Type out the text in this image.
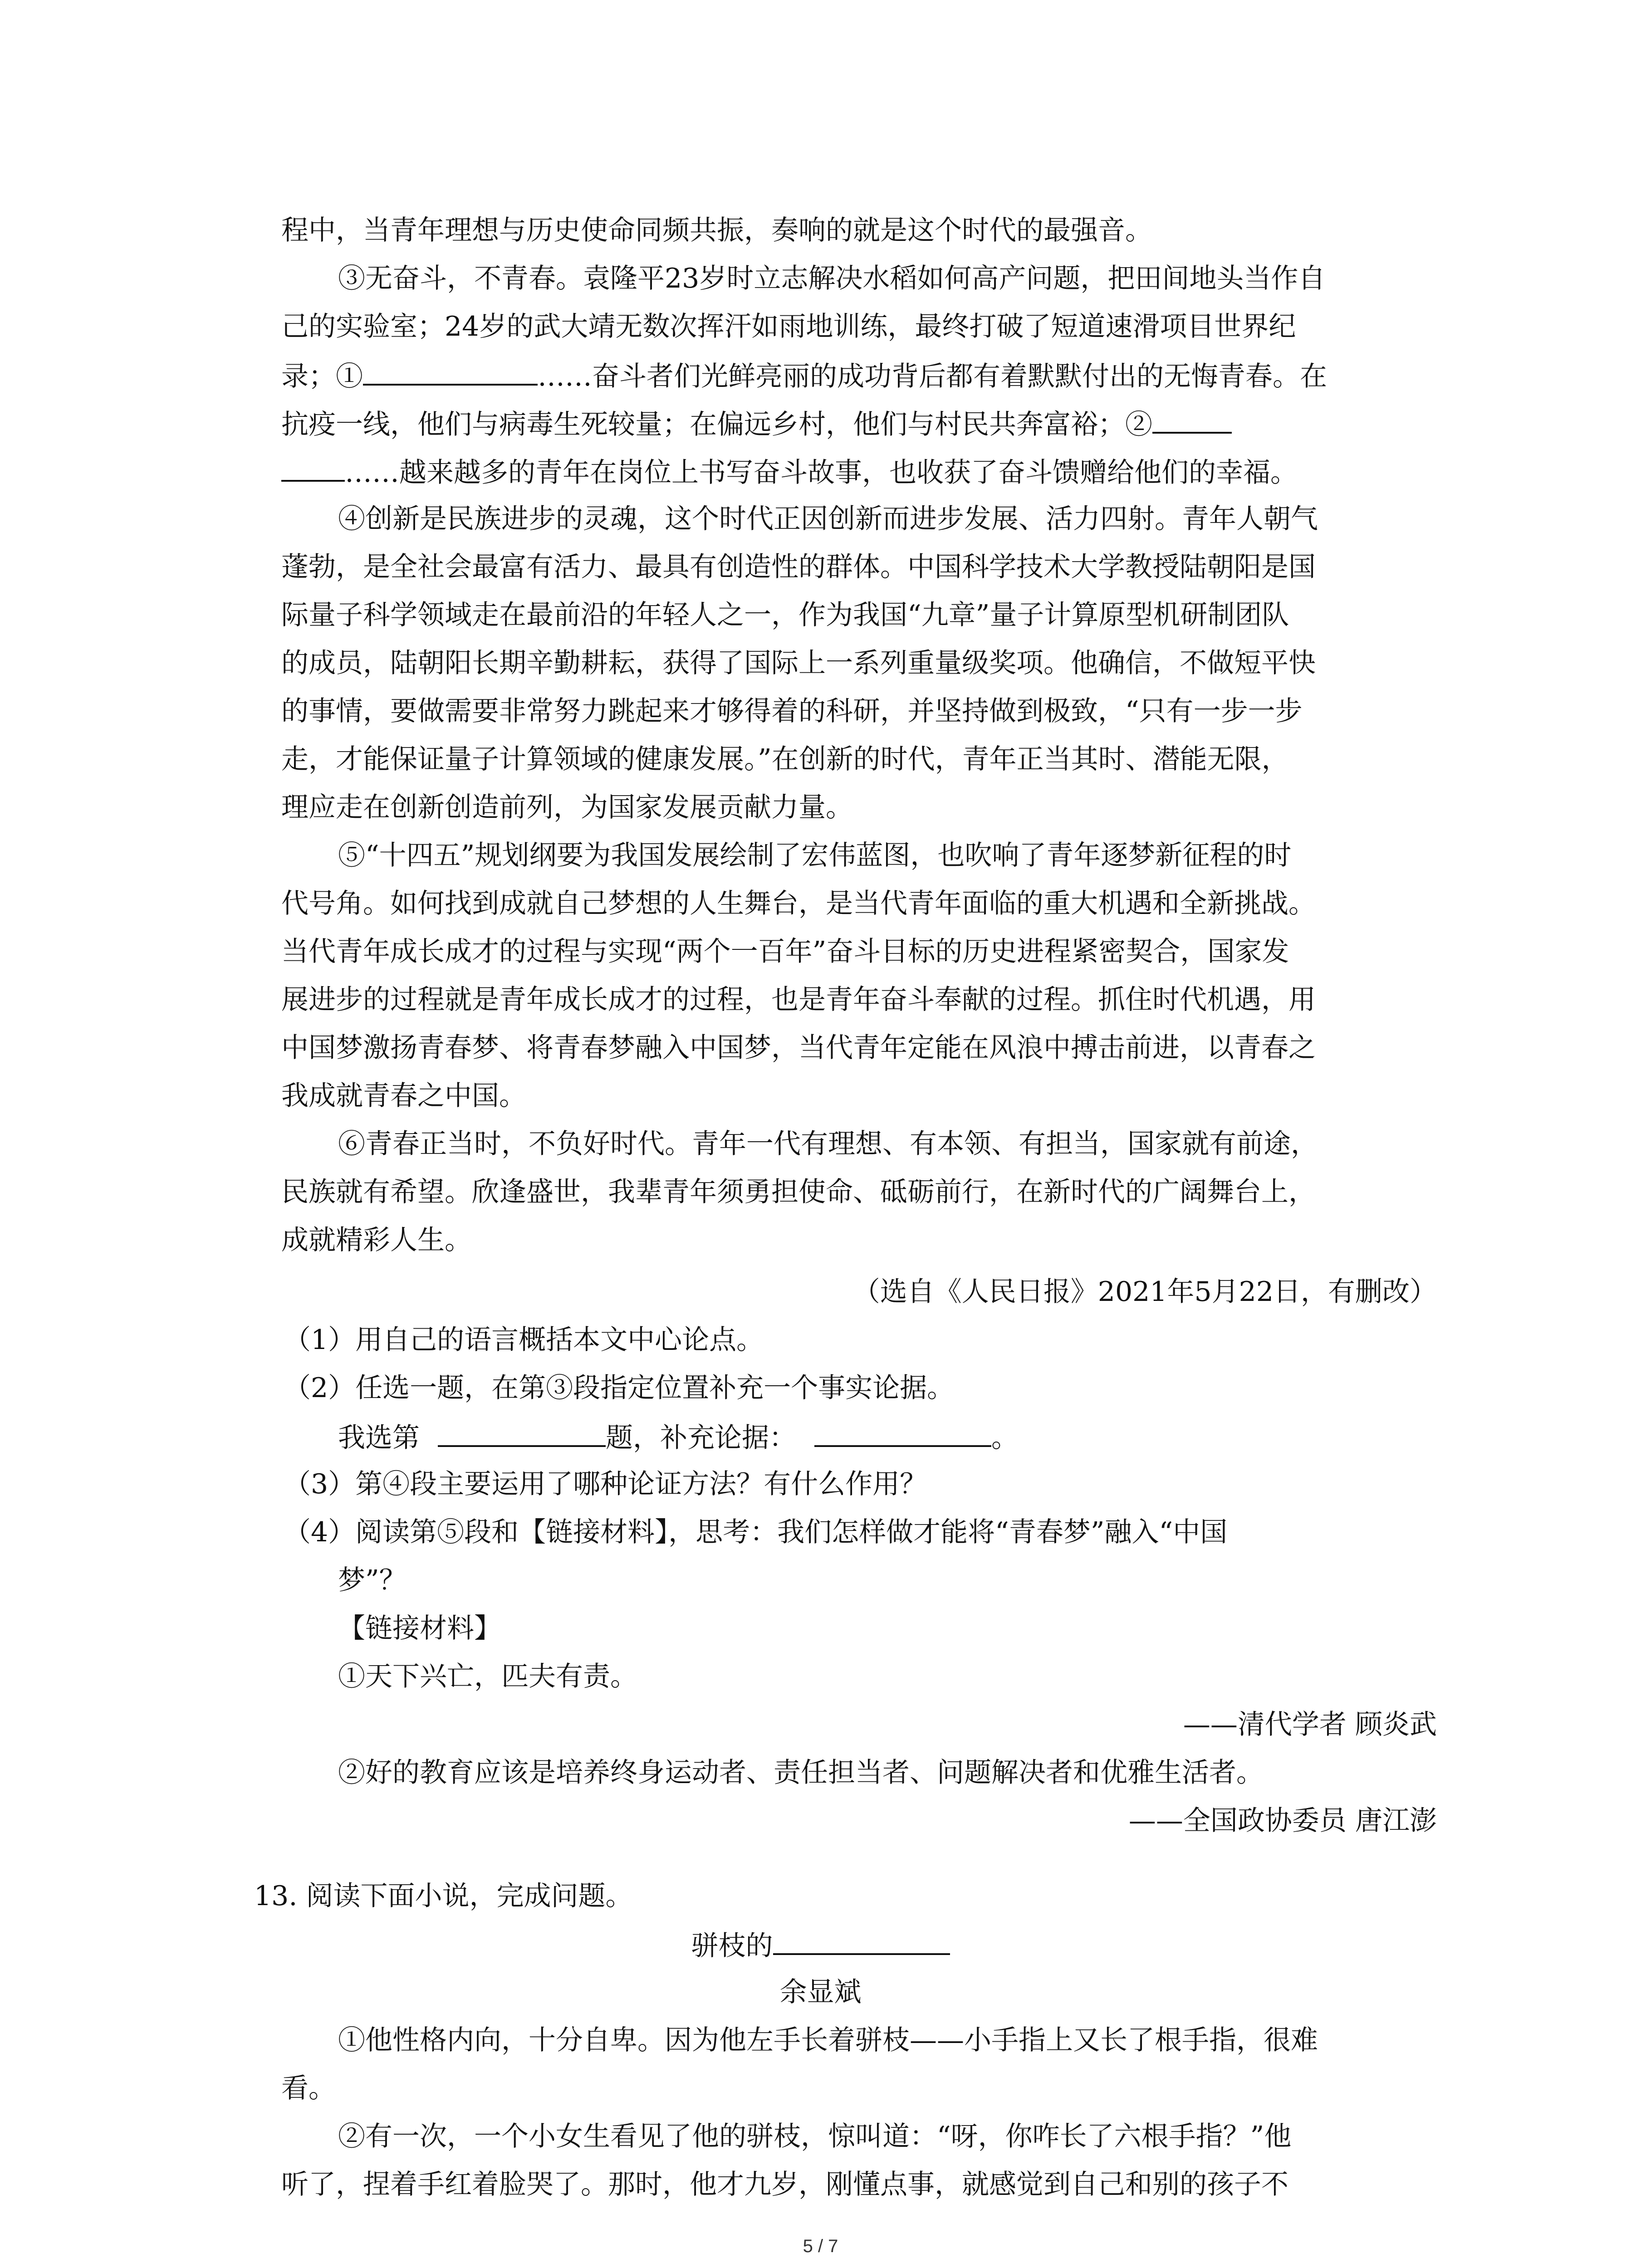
程中，当青年理想与历史使命同频共振，奏响的就是这个时代的最强音。
③无奋斗，不青春。袁隆平23岁时立志解决水稻如何高产问题，把田间地头当作自
己的实验室；24岁的武大靖无数次挥汗如雨地训练，最终打破了短道速滑项目世界纪
录；①	……奋斗者们光鲜亮丽的成功背后都有着默默付出的无悔青春。在
抗疫一线，他们与病毒生死较量；在偏远乡村，他们与村民共奔富裕；②
……越来越多的青年在岗位上书写奋斗故事，也收获了奋斗馈赠给他们的幸福。
④创新是民族进步的灵魂，这个时代正因创新而进步发展、活力四射。青年人朝气
蓬勃，是全社会最富有活力、最具有创造性的群体。中国科学技术大学教授陆朝阳是国
际量子科学领域走在最前沿的年轻人之一，作为我国“九章”量子计算原型机研制团队
的成员，陆朝阳长期辛勤耕耘，获得了国际上一系列重量级奖项。他确信，不做短平快
的事情，要做需要非常努力跳起来才够得着的科研，并坚持做到极致，“只有一步一步
走，才能保证量子计算领域的健康发展。”在创新的时代，青年正当其时、潜能无限，
理应走在创新创造前列，为国家发展贡献力量。
⑤“十四五”规划纲要为我国发展绘制了宏伟蓝图，也吹响了青年逐梦新征程的时
代号角。如何找到成就自己梦想的人生舞台，是当代青年面临的重大机遇和全新挑战。
当代青年成长成才的过程与实现“两个一百年”奋斗目标的历史进程紧密契合，国家发
展进步的过程就是青年成长成才的过程，也是青年奋斗奉献的过程。抓住时代机遇，用
中国梦激扬青春梦、将青春梦融入中国梦，当代青年定能在风浪中搏击前进，以青春之
我成就青春之中国。
⑥青春正当时，不负好时代。青年一代有理想、有本领、有担当，国家就有前途，
民族就有希望。欣逢盛世，我辈青年须勇担使命、砥砺前行，在新时代的广阔舞台上，
成就精彩人生。
（选自《人民日报》2021年5月22日，有删改）
（1）用自己的语言概括本文中心论点。
（2）任选一题，在第③段指定位置补充一个事实论据。
我选第	题，补充论据：	。
（3）第④段主要运用了哪种论证方法？有什么作用？
（4）阅读第⑤段和【链接材料】，思考：我们怎样做才能将“青春梦”融入“中国
梦”？
【链接材料】
①天下兴亡，匹夫有责。
——清代学者 顾炎武
②好的教育应该是培养终身运动者、责任担当者、问题解决者和优雅生活者。
——全国政协委员 唐江澎
13. 阅读下面小说，完成问题。
骈枝的
余显斌
①他性格内向，十分自卑。因为他左手长着骈枝——小手指上又长了根手指，很难
看。
②有一次，一个小女生看见了他的骈枝，惊叫道：“呀，你咋长了六根手指？”他
听了，捏着手红着脸哭了。那时，他才九岁，刚懂点事，就感觉到自己和别的孩子不
5 / 7
